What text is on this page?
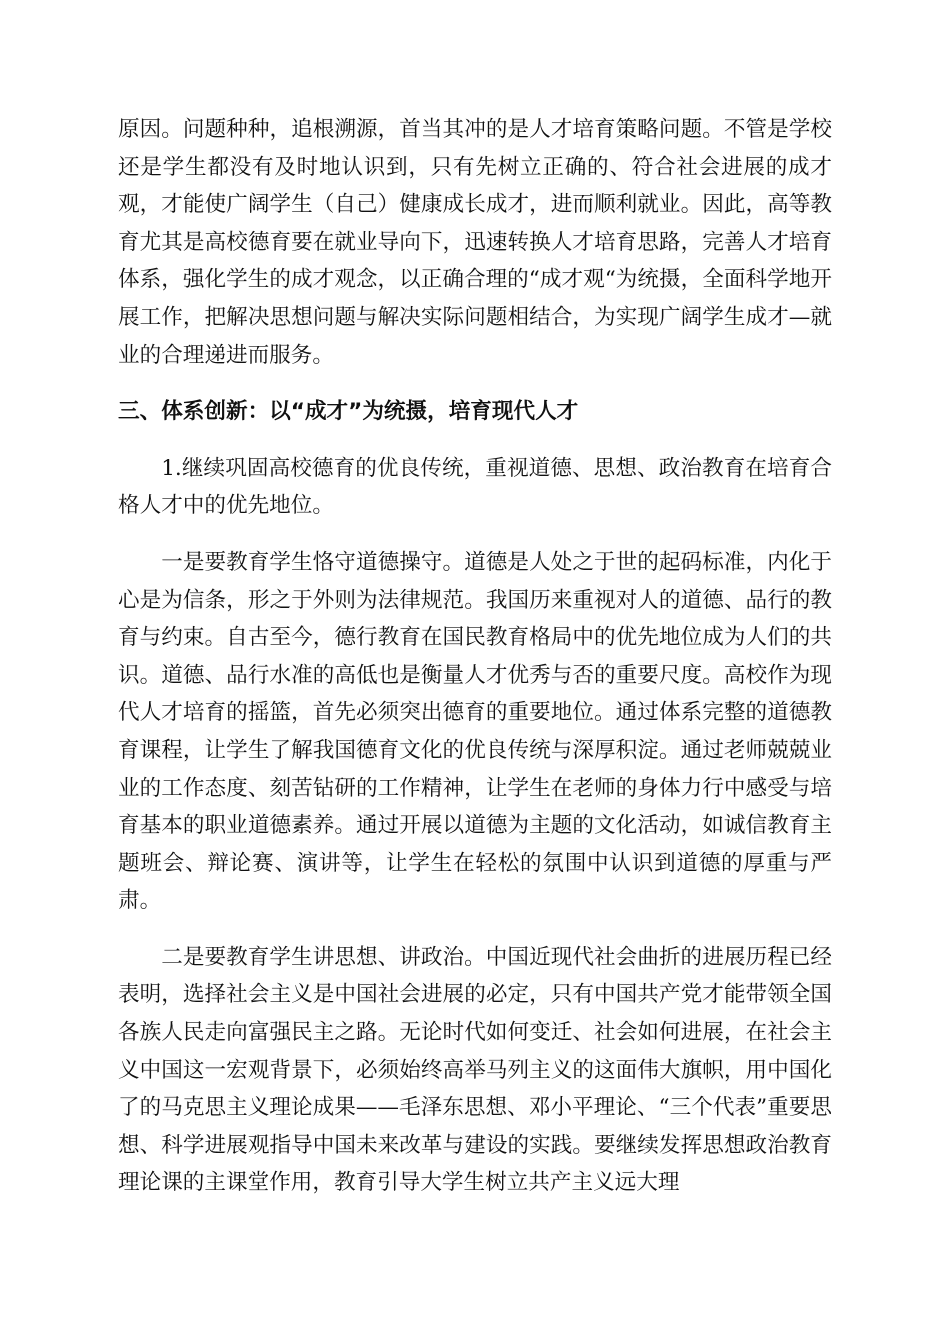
原因。问题种种，追根溯源，首当其冲的是人才培育策略问题。不管是学校还是学生都没有及时地认识到，只有先树立正确的、符合社会进展的成才观，才能使广阔学生（自己）健康成长成才，进而顺利就业。因此，高等教育尤其是高校德育要在就业导向下，迅速转换人才培育思路，完善人才培育体系，强化学生的成才观念，以正确合理的“成才观“为统摄，全面科学地开展工作，把解决思想问题与解决实际问题相结合，为实现广阔学生成才—就业的合理递进而服务。

三、体系创新：以“成才”为统摄，培育现代人才

1.继续巩固高校德育的优良传统，重视道德、思想、政治教育在培育合格人才中的优先地位。

一是要教育学生恪守道德操守。道德是人处之于世的起码标准，内化于心是为信条，形之于外则为法律规范。我国历来重视对人的道德、品行的教育与约束。自古至今，德行教育在国民教育格局中的优先地位成为人们的共识。道德、品行水准的高低也是衡量人才优秀与否的重要尺度。高校作为现代人才培育的摇篮，首先必须突出德育的重要地位。通过体系完整的道德教育课程，让学生了解我国德育文化的优良传统与深厚积淀。通过老师兢兢业业的工作态度、刻苦钻研的工作精神，让学生在老师的身体力行中感受与培育基本的职业道德素养。通过开展以道德为主题的文化活动，如诚信教育主题班会、辩论赛、演讲等，让学生在轻松的氛围中认识到道德的厚重与严肃。

二是要教育学生讲思想、讲政治。中国近现代社会曲折的进展历程已经表明，选择社会主义是中国社会进展的必定，只有中国共产党才能带领全国各族人民走向富强民主之路。无论时代如何变迁、社会如何进展，在社会主义中国这一宏观背景下，必须始终高举马列主义的这面伟大旗帜，用中国化了的马克思主义理论成果——毛泽东思想、邓小平理论、“三个代表”重要思想、科学进展观指导中国未来改革与建设的实践。要继续发挥思想政治教育理论课的主课堂作用，教育引导大学生树立共产主义远大理
